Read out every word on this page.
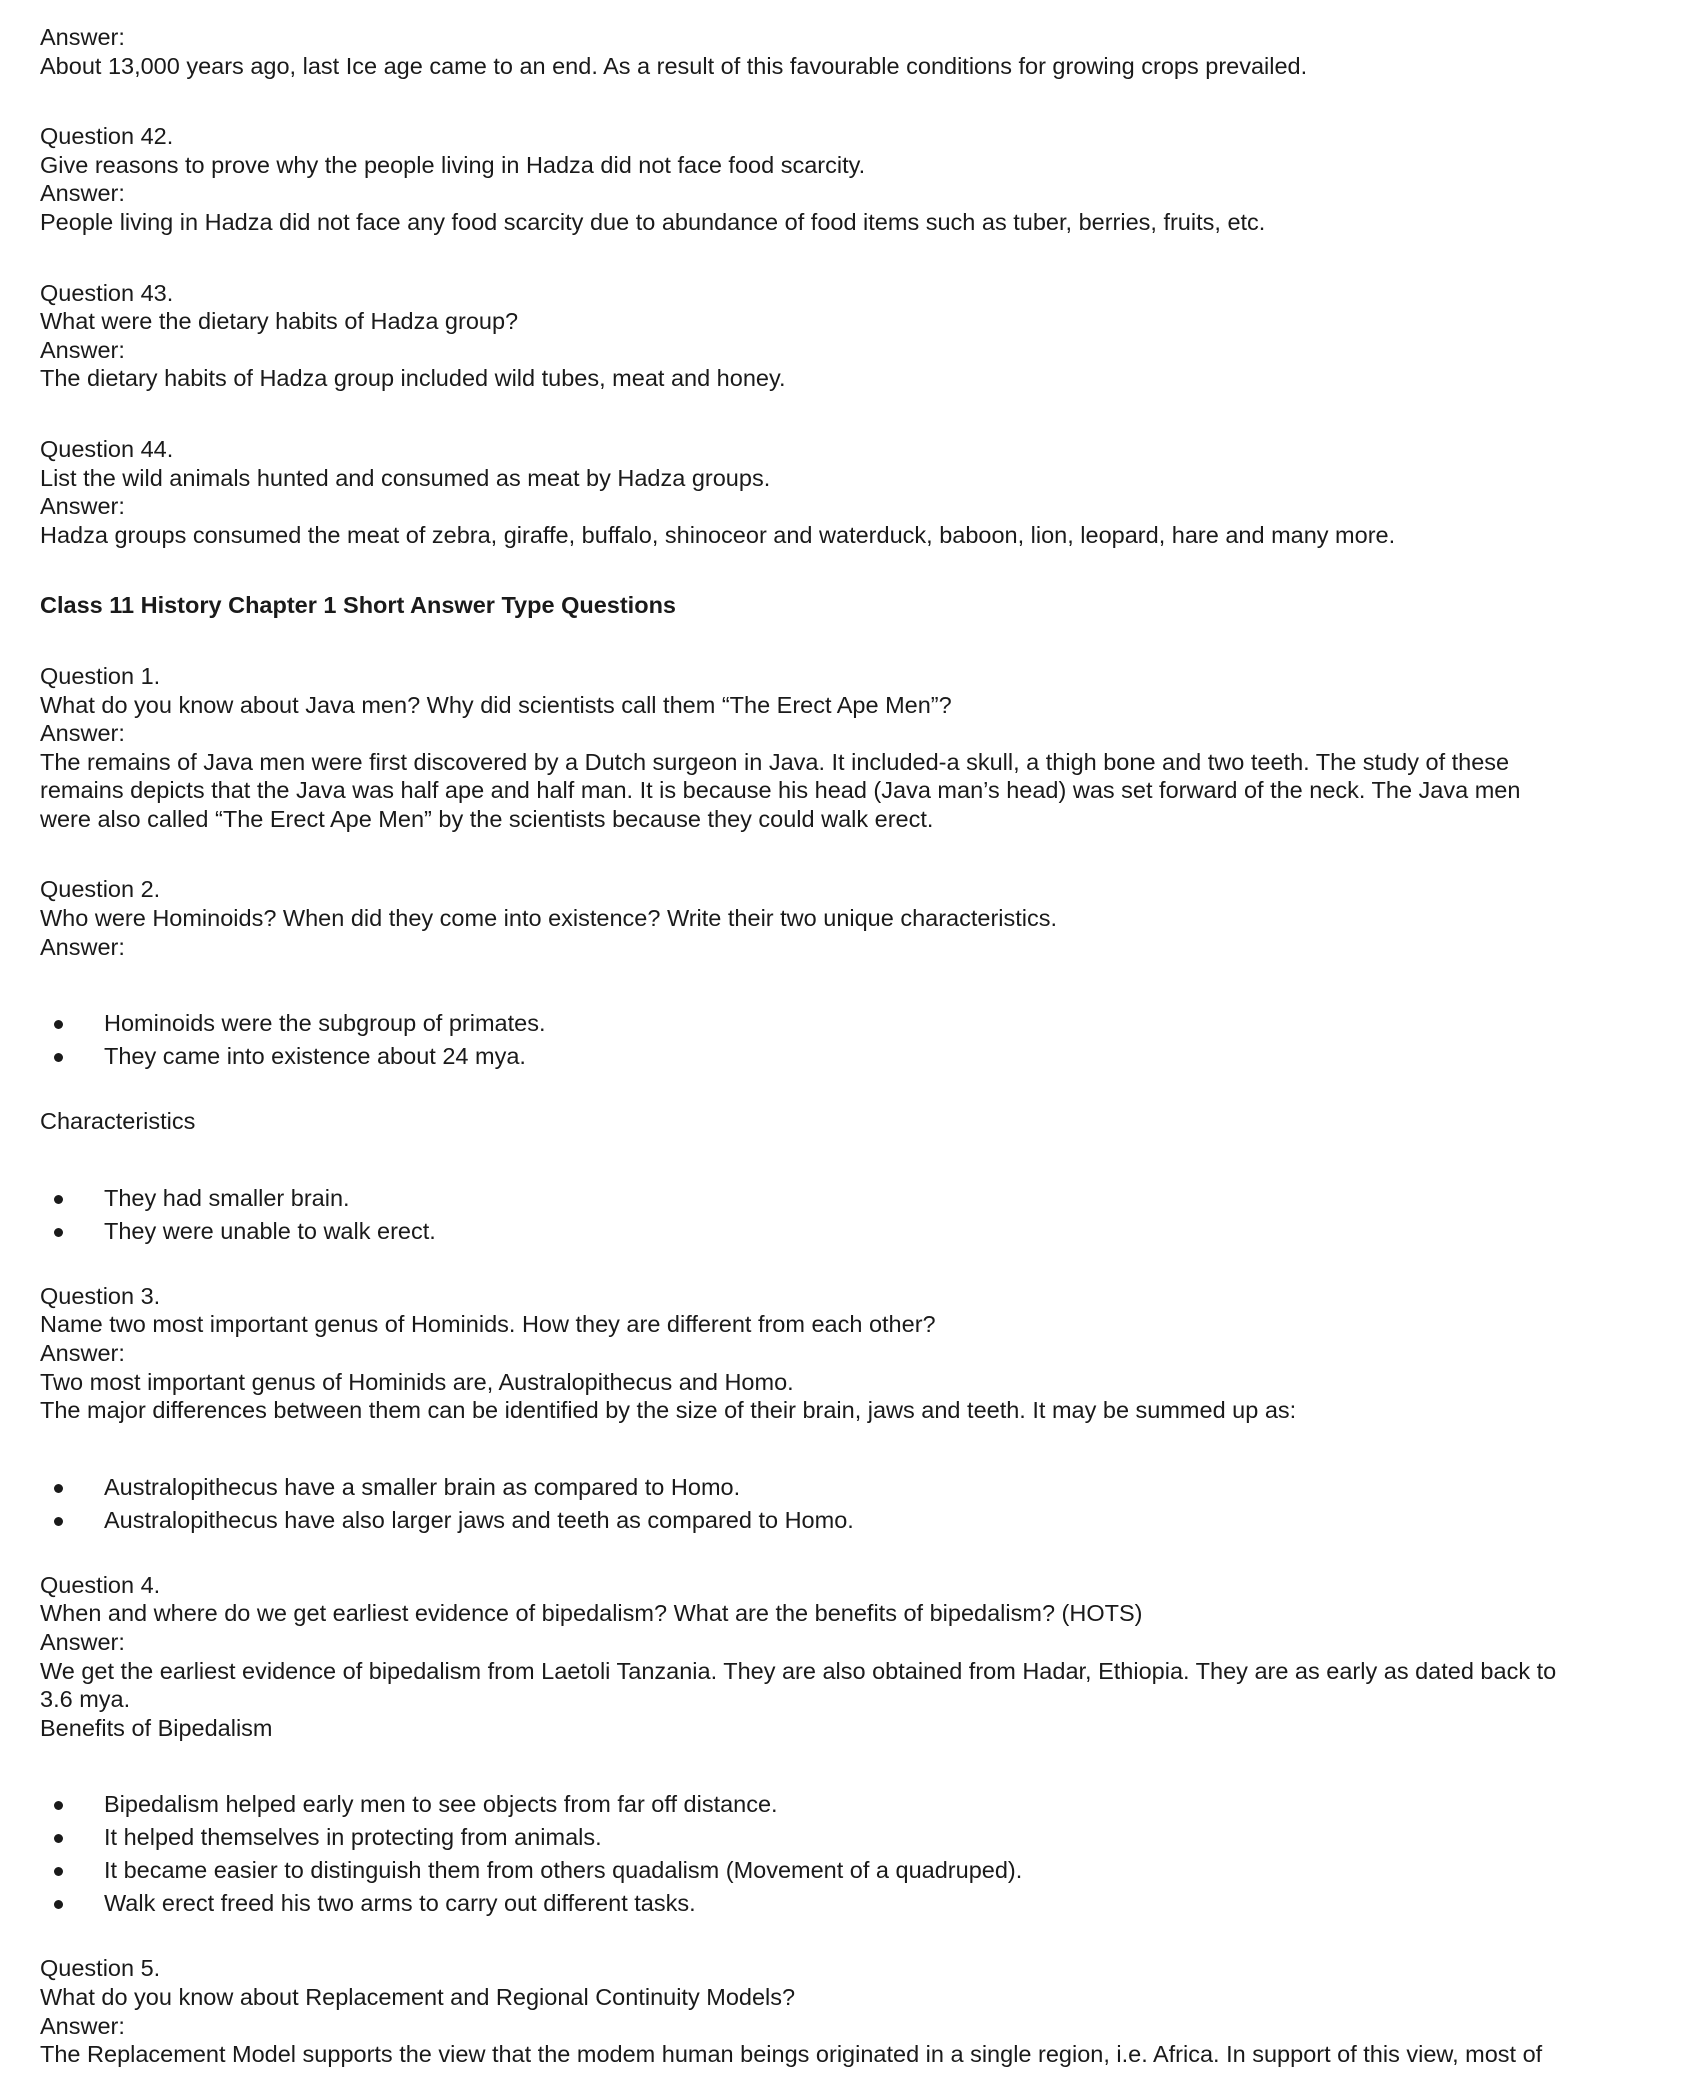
Answer:

About 13,000 years ago, last Ice age came to an end. As a result of this favourable conditions for growing crops prevailed.

Question 42.

Give reasons to prove why the people living in Hadza did not face food scarcity.

Answer:

People living in Hadza did not face any food scarcity due to abundance of food items such as tuber, berries, fruits, etc.

Question 43.

What were the dietary habits of Hadza group?

Answer:

The dietary habits of Hadza group included wild tubes, meat and honey.

Question 44.

List the wild animals hunted and consumed as meat by Hadza groups.

Answer:

Hadza groups consumed the meat of zebra, giraffe, buffalo, shinoceor and waterduck, baboon, lion, leopard, hare and many more.

Class 11 History Chapter 1 Short Answer Type Questions

Question 1.

What do you know about Java men? Why did scientists call them “The Erect Ape Men”?

Answer:

The remains of Java men were first discovered by a Dutch surgeon in Java. It included-a skull, a thigh bone and two teeth. The study of these

remains depicts that the Java was half ape and half man. It is because his head (Java man’s head) was set forward of the neck. The Java men

were also called “The Erect Ape Men” by the scientists because they could walk erect.

Question 2.

Who were Hominoids? When did they come into existence? Write their two unique characteristics.

Answer:

Hominoids were the subgroup of primates.
They came into existence about 24 mya.

Characteristics

They had smaller brain.
They were unable to walk erect.

Question 3.

Name two most important genus of Hominids. How they are different from each other?

Answer:

Two most important genus of Hominids are, Australopithecus and Homo.

The major differences between them can be identified by the size of their brain, jaws and teeth. It may be summed up as:

Australopithecus have a smaller brain as compared to Homo.
Australopithecus have also larger jaws and teeth as compared to Homo.

Question 4.

When and where do we get earliest evidence of bipedalism? What are the benefits of bipedalism? (HOTS)

Answer:

We get the earliest evidence of bipedalism from Laetoli Tanzania. They are also obtained from Hadar, Ethiopia. They are as early as dated back to

3.6 mya.

Benefits of Bipedalism

Bipedalism helped early men to see objects from far off distance.
It helped themselves in protecting from animals.
It became easier to distinguish them from others quadalism (Movement of a quadruped).
Walk erect freed his two arms to carry out different tasks.

Question 5.

What do you know about Replacement and Regional Continuity Models?

Answer:

The Replacement Model supports the view that the modem human beings originated in a single region, i.e. Africa. In support of this view, most of
